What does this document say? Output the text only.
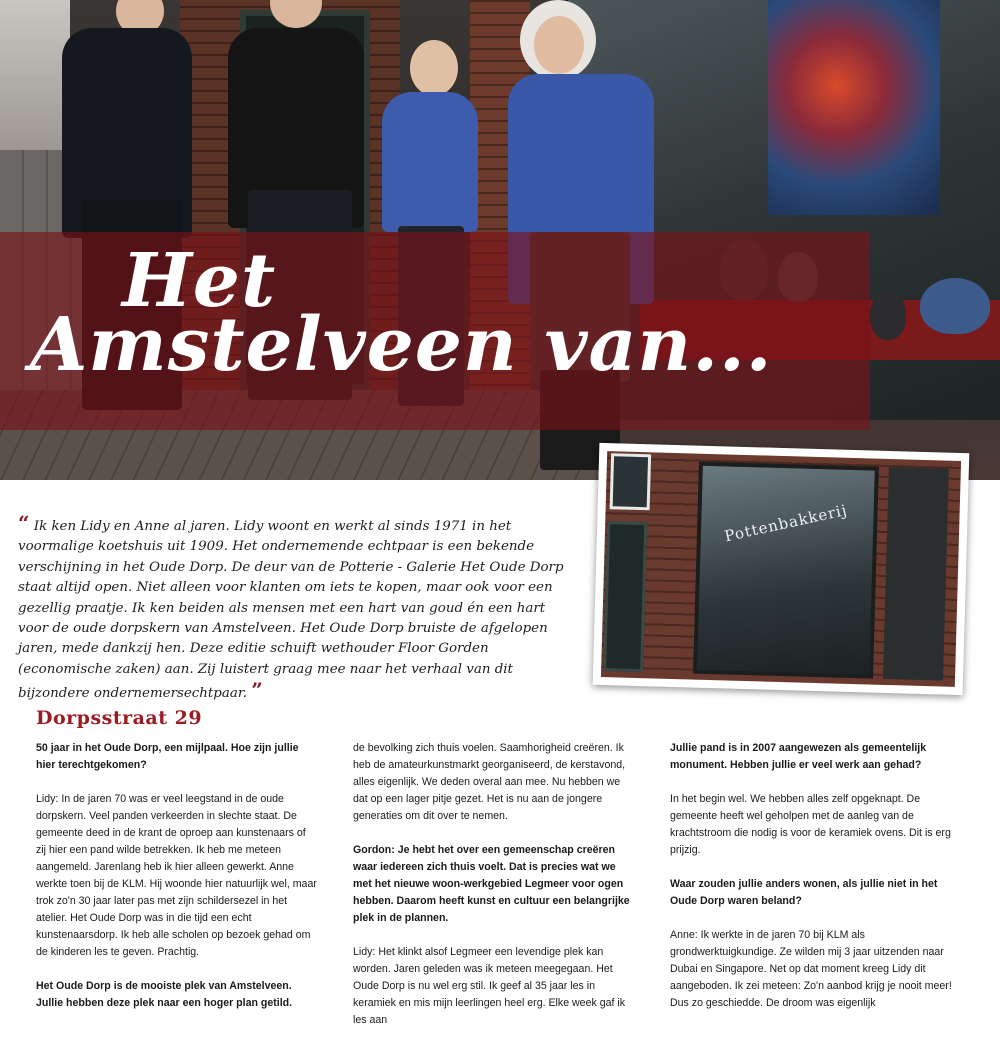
Het
Amstelveen van...
Pottenbakkerij
“ Ik ken Lidy en Anne al jaren. Lidy woont en werkt al sinds 1971 in het voormalige koetshuis uit 1909. Het ondernemende echtpaar is een bekende verschijning in het Oude Dorp. De deur van de Potterie - Galerie Het Oude Dorp staat altijd open. Niet alleen voor klanten om iets te kopen, maar ook voor een gezellig praatje. Ik ken beiden als mensen met een hart van goud én een hart voor de oude dorpskern van Amstelveen. Het Oude Dorp bruiste de afgelopen jaren, mede dankzij hen. Deze editie schuift wethouder Floor Gorden (economische zaken) aan. Zij luistert graag mee naar het verhaal van dit bijzondere ondernemersechtpaar. ”
Dorpsstraat 29

50 jaar in het Oude Dorp, een mijlpaal. Hoe zijn jullie hier terechtgekomen?

Lidy: In de jaren 70 was er veel leegstand in de oude dorpskern. Veel panden verkeerden in slechte staat. De gemeente deed in de krant de oproep aan kunstenaars of zij hier een pand wilde betrekken. Ik heb me meteen aangemeld. Jarenlang heb ik hier alleen gewerkt. Anne werkte toen bij de KLM. Hij woonde hier natuurlijk wel, maar trok zo'n 30 jaar later pas met zijn schildersezel in het atelier. Het Oude Dorp was in die tijd een echt kunstenaarsdorp. Ik heb alle scholen op bezoek gehad om de kinderen les te geven. Prachtig.

Het Oude Dorp is de mooiste plek van Amstelveen. Jullie hebben deze plek naar een hoger plan getild.

de bevolking zich thuis voelen. Saamhorigheid creëren. Ik heb de amateurkunstmarkt georganiseerd, de kerstavond, alles eigenlijk. We deden overal aan mee. Nu hebben we dat op een lager pitje gezet. Het is nu aan de jongere generaties om dit over te nemen.

Gordon: Je hebt het over een gemeenschap creëren waar iedereen zich thuis voelt. Dat is precies wat we met het nieuwe woon-werkgebied Legmeer voor ogen hebben. Daarom heeft kunst en cultuur een belangrijke plek in de plannen.

Lidy: Het klinkt alsof Legmeer een levendige plek kan worden. Jaren geleden was ik meteen meegegaan. Het Oude Dorp is nu wel erg stil. Ik geef al 35 jaar les in keramiek en mis mijn leerlingen heel erg. Elke week gaf ik les aan

Jullie pand is in 2007 aangewezen als gemeentelijk monument. Hebben jullie er veel werk aan gehad?

In het begin wel. We hebben alles zelf opgeknapt. De gemeente heeft wel geholpen met de aanleg van de krachtstroom die nodig is voor de keramiek ovens. Dit is erg prijzig.

Waar zouden jullie anders wonen, als jullie niet in het Oude Dorp waren beland?

Anne: Ik werkte in de jaren 70 bij KLM als grondwerktuigkundige. Ze wilden mij 3 jaar uitzenden naar Dubai en Singapore. Net op dat moment kreeg Lidy dit aangeboden. Ik zei meteen: Zo'n aanbod krijg je nooit meer! Dus zo geschiedde. De droom was eigenlijk
